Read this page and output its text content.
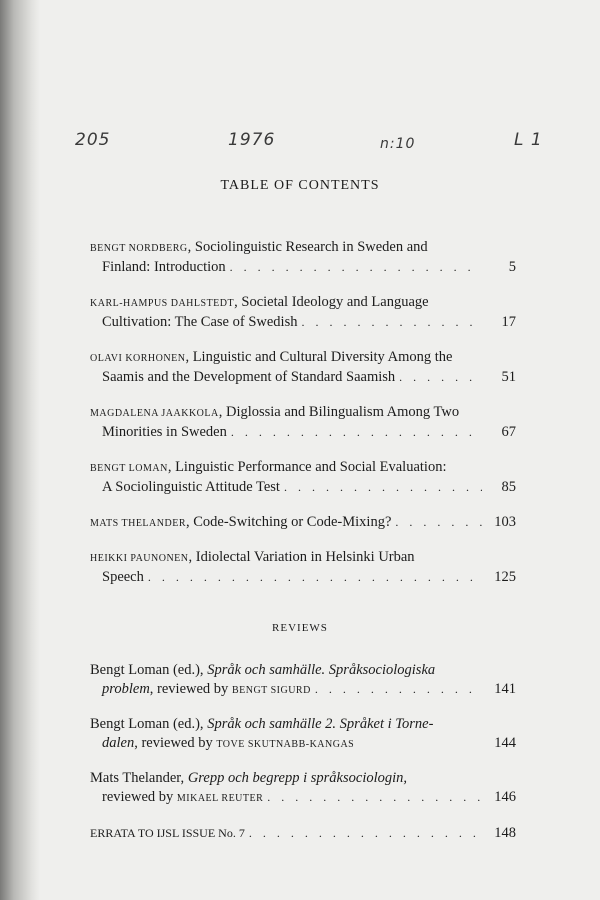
205	1976	n:10	L 1
TABLE OF CONTENTS
BENGT NORDBERG, Sociolinguistic Research in Sweden and
Finland: Introduction . . .	5
KARL-HAMPUS DAHLSTEDT, Societal Ideology and Language
Cultivation: The Case of Swedish . . .	17
OLAVI KORHONEN, Linguistic and Cultural Diversity Among the
Saamis and the Development of Standard Saamish . . .	51
MAGDALENA JAAKKOLA, Diglossia and Bilingualism Among Two
Minorities in Sweden . . .	67
BENGT LOMAN, Linguistic Performance and Social Evaluation:
A Sociolinguistic Attitude Test . . .	85
MATS THELANDER , Code-Switching or Code-Mixing? . . .	103
HEIKKI PAUNONEN, Idiolectal Variation in Helsinki Urban
Speech . . .	125
REVIEWS
Bengt Loman (ed.), Språk och samhälle. Språksociologiska
problem , reviewed by
BENGT SIGURD . . .	141
Bengt Loman (ed.), Språk och samhälle 2. Språket i Torne-
dalen , reviewed by
TOVE SKUTNABB-KANGAS	144
Mats Thelander, Grepp och begrepp i språksociologin,
reviewed by
MIKAEL REUTER . . .	146
ERRATA TO IJSL ISSUE No. 7 . . .	148
